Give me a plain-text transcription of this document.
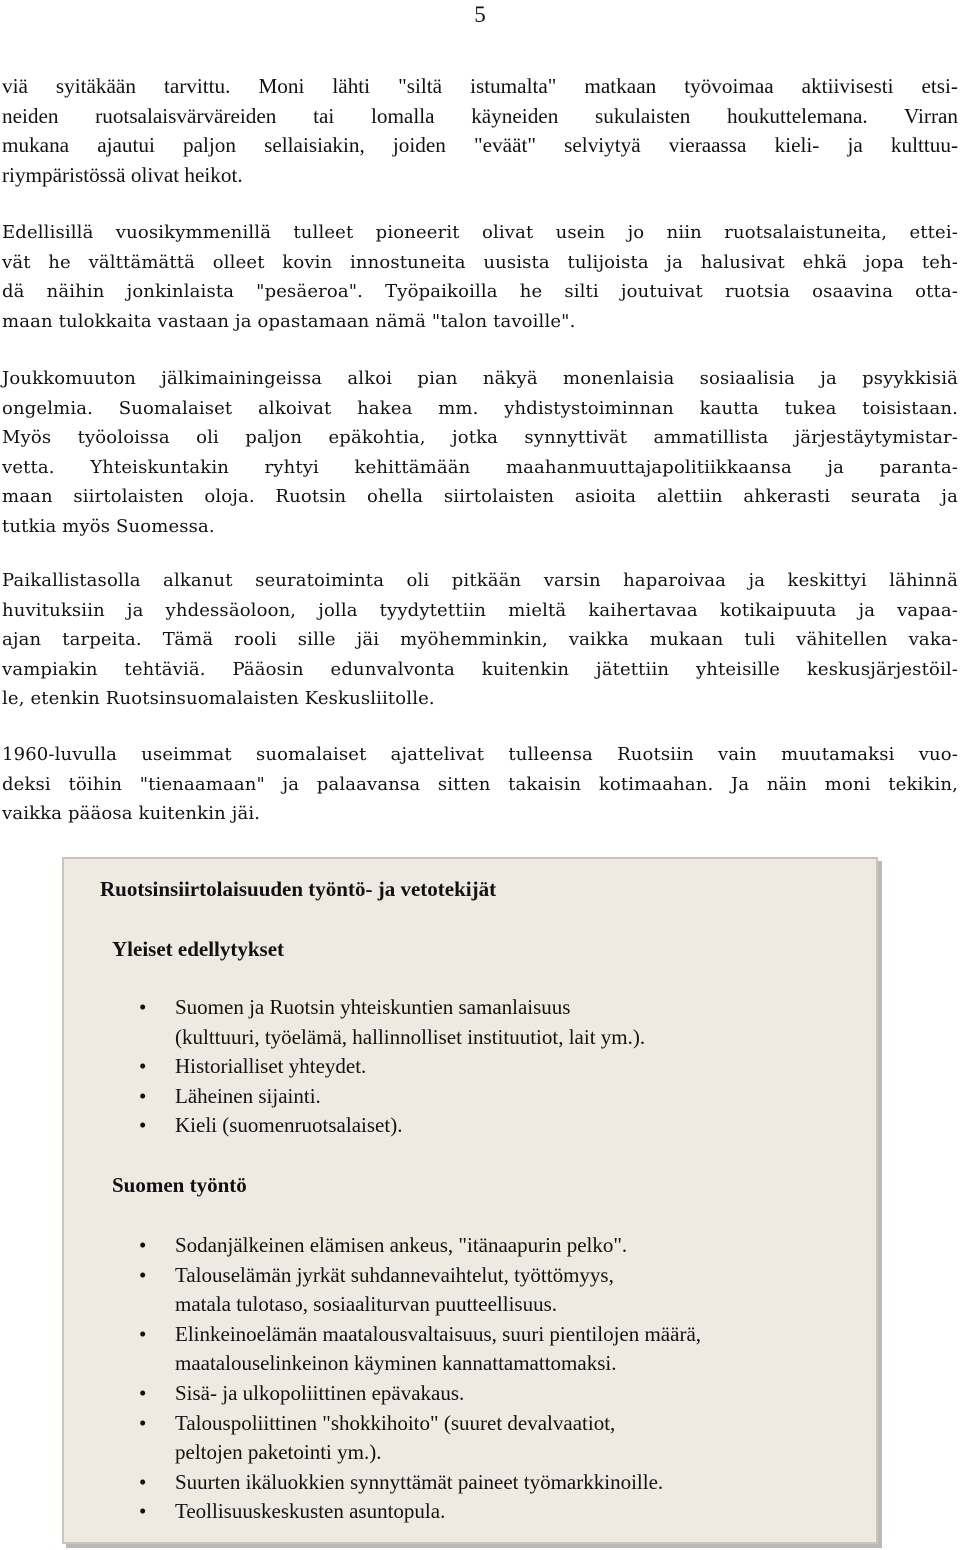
5
viä syitäkään tarvittu. Moni lähti "siltä istumalta" matkaan työvoimaa aktiivisesti etsi-
neiden ruotsalaisvärväreiden tai lomalla käyneiden sukulaisten houkuttelemana. Virran
mukana ajautui paljon sellaisiakin, joiden "eväät" selviytyä vieraassa kieli- ja kulttuu-
riympäristössä olivat heikot.
Edellisillä vuosikymmenillä tulleet pioneerit olivat usein jo niin ruotsalaistuneita, ettei-
vät he välttämättä olleet kovin innostuneita uusista tulijoista ja halusivat ehkä jopa teh-
dä näihin jonkinlaista "pesäeroa". Työpaikoilla he silti joutuivat ruotsia osaavina otta-
maan tulokkaita vastaan ja opastamaan nämä "talon tavoille".
Joukkomuuton jälkimainingeissa alkoi pian näkyä monenlaisia sosiaalisia ja psyykkisiä
ongelmia. Suomalaiset alkoivat hakea mm. yhdistystoiminnan kautta tukea toisistaan.
Myös työoloissa oli paljon epäkohtia, jotka synnyttivät ammatillista järjestäytymistar-
vetta. Yhteiskuntakin ryhtyi kehittämään maahanmuuttajapolitiikkaansa ja paranta-
maan siirtolaisten oloja. Ruotsin ohella siirtolaisten asioita alettiin ahkerasti seurata ja
tutkia myös Suomessa.
Paikallistasolla alkanut seuratoiminta oli pitkään varsin haparoivaa ja keskittyi lähinnä
huvituksiin ja yhdessäoloon, jolla tyydytettiin mieltä kaihertavaa kotikaipuuta ja vapaa-
ajan tarpeita. Tämä rooli sille jäi myöhemminkin, vaikka mukaan tuli vähitellen vaka-
vampiakin tehtäviä. Pääosin edunvalvonta kuitenkin jätettiin yhteisille keskusjärjestöil-
le, etenkin Ruotsinsuomalaisten Keskusliitolle.
1960-luvulla useimmat suomalaiset ajattelivat tulleensa Ruotsiin vain muutamaksi vuo-
deksi töihin "tienaamaan" ja palaavansa sitten takaisin kotimaahan. Ja näin moni tekikin,
vaikka pääosa kuitenkin jäi.
Ruotsinsiirtolaisuuden työntö- ja vetotekijät
Yleiset edellytykset
• Suomen ja Ruotsin yhteiskuntien samanlaisuus
(kulttuuri, työelämä, hallinnolliset instituutiot, lait ym.).
• Historialliset yhteydet.
• Läheinen sijainti.
• Kieli (suomenruotsalaiset).
Suomen työntö
• Sodanjälkeinen elämisen ankeus, "itänaapurin pelko".
• Talouselämän jyrkät suhdannevaihtelut, työttömyys,
matala tulotaso, sosiaaliturvan puutteellisuus.
• Elinkeinoelämän maatalousvaltaisuus, suuri pientilojen määrä,
maatalouselinkeinon käyminen kannattamattomaksi.
• Sisä- ja ulkopoliittinen epävakaus.
• Talouspoliittinen "shokkihoito" (suuret devalvaatiot,
peltojen paketointi ym.).
• Suurten ikäluokkien synnyttämät paineet työmarkkinoille.
• Teollisuuskeskusten asuntopula.
